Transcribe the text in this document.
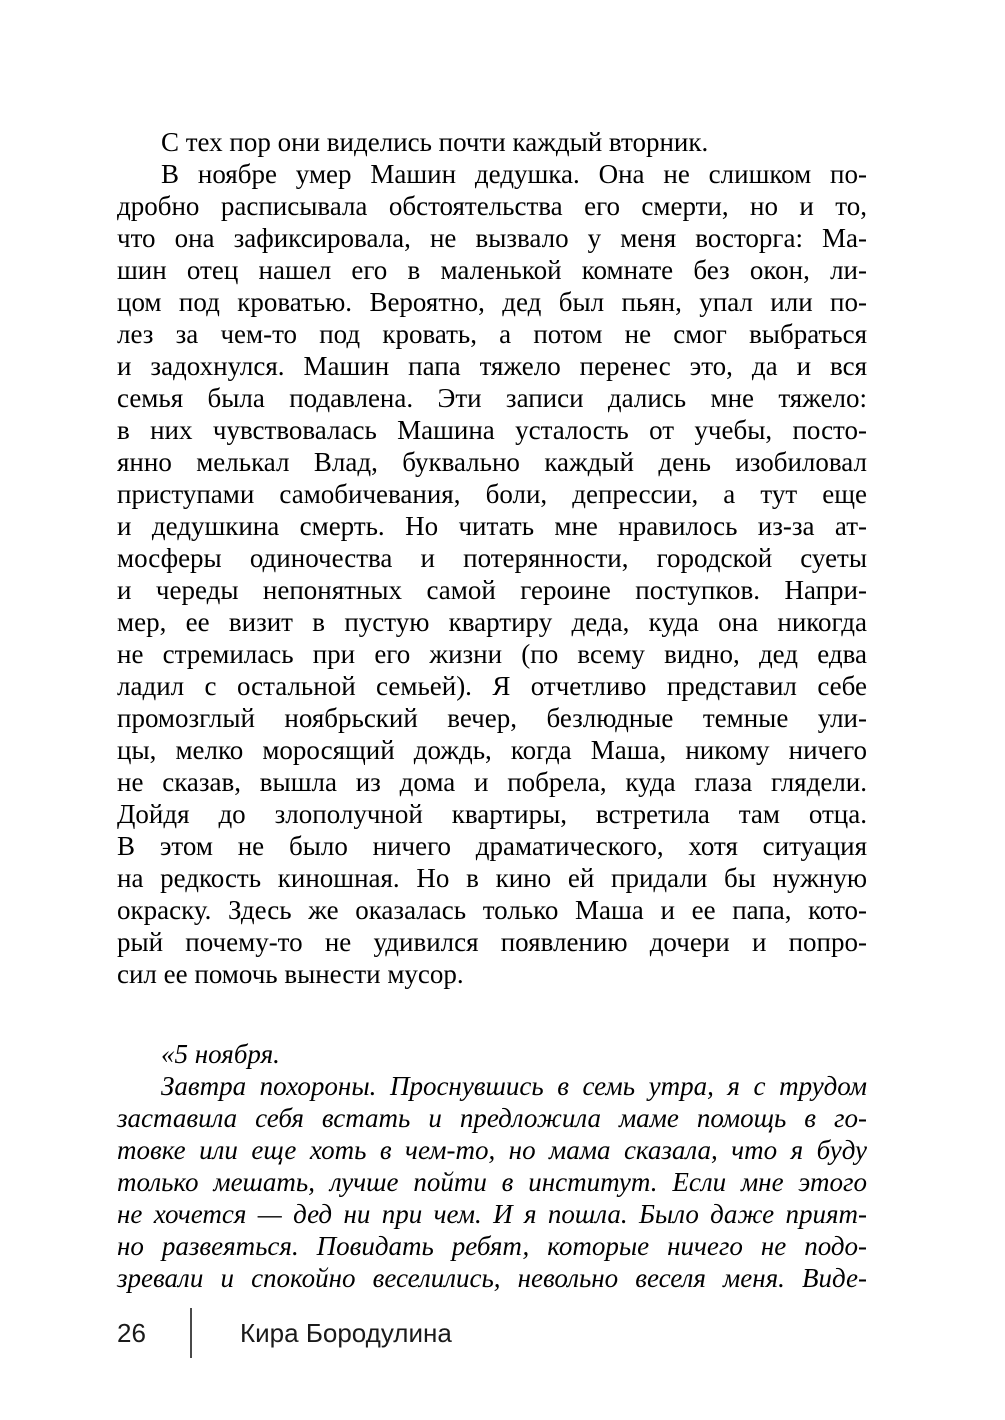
С тех пор они виделись почти каждый вторник.
В ноябре умер Машин дедушка. Она не слишком по-
дробно расписывала обстоятельства его смерти, но и то,
что она зафиксировала, не вызвало у меня восторга: Ма-
шин отец нашел его в маленькой комнате без окон, ли-
цом под кроватью. Вероятно, дед был пьян, упал или по-
лез за чем-то под кровать, а потом не смог выбраться
и задохнулся. Машин папа тяжело перенес это, да и вся
семья была подавлена. Эти записи дались мне тяжело:
в них чувствовалась Машина усталость от учебы, посто-
янно мелькал Влад, буквально каждый день изобиловал
приступами самобичевания, боли, депрессии, а тут еще
и дедушкина смерть. Но читать мне нравилось из-за ат-
мосферы одиночества и потерянности, городской суеты
и череды непонятных самой героине поступков. Напри-
мер, ее визит в пустую квартиру деда, куда она никогда
не стремилась при его жизни (по всему видно, дед едва
ладил с остальной семьей). Я отчетливо представил себе
промозглый ноябрьский вечер, безлюдные темные ули-
цы, мелко моросящий дождь, когда Маша, никому ничего
не сказав, вышла из дома и побрела, куда глаза глядели.
Дойдя до злополучной квартиры, встретила там отца.
В этом не было ничего драматического, хотя ситуация
на редкость киношная. Но в кино ей придали бы нужную
окраску. Здесь же оказалась только Маша и ее папа, кото-
рый почему-то не удивился появлению дочери и попро-
сил ее помочь вынести мусор.
«5 ноября.
Завтра похороны. Проснувшись в семь утра, я с трудом
заставила себя встать и предложила маме помощь в го-
товке или еще хоть в чем-то, но мама сказала, что я буду
только мешать, лучше пойти в институт. Если мне этого
не хочется — дед ни при чем. И я пошла. Было даже прият-
но развеяться. Повидать ребят, которые ничего не подо-
зревали и спокойно веселились, невольно веселя меня. Виде-
26	Кира Бородулина
